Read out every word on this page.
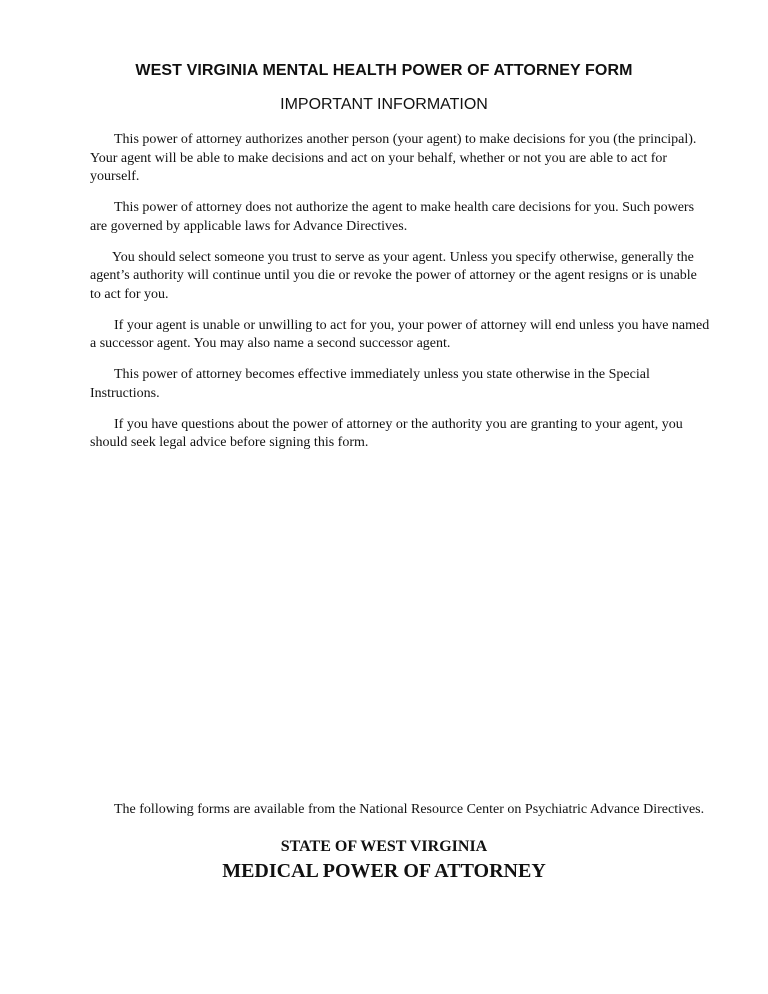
WEST VIRGINIA MENTAL HEALTH POWER OF ATTORNEY FORM
IMPORTANT INFORMATION

This power of attorney authorizes another person (your agent) to make decisions for you (the principal). Your agent will be able to make decisions and act on your behalf, whether or not you are able to act for yourself.

This power of attorney does not authorize the agent to make health care decisions for you. Such powers are governed by applicable laws for Advance Directives.

You should select someone you trust to serve as your agent. Unless you specify otherwise, generally the agent’s authority will continue until you die or revoke the power of attorney or the agent resigns or is unable to act for you.

If your agent is unable or unwilling to act for you, your power of attorney will end unless you have named a successor agent. You may also name a second successor agent.

This power of attorney becomes effective immediately unless you state otherwise in the Special Instructions.

If you have questions about the power of attorney or the authority you are granting to your agent, you should seek legal advice before signing this form.

The following forms are available from the National Resource Center on Psychiatric Advance Directives.

STATE OF WEST VIRGINIA
MEDICAL POWER OF ATTORNEY
